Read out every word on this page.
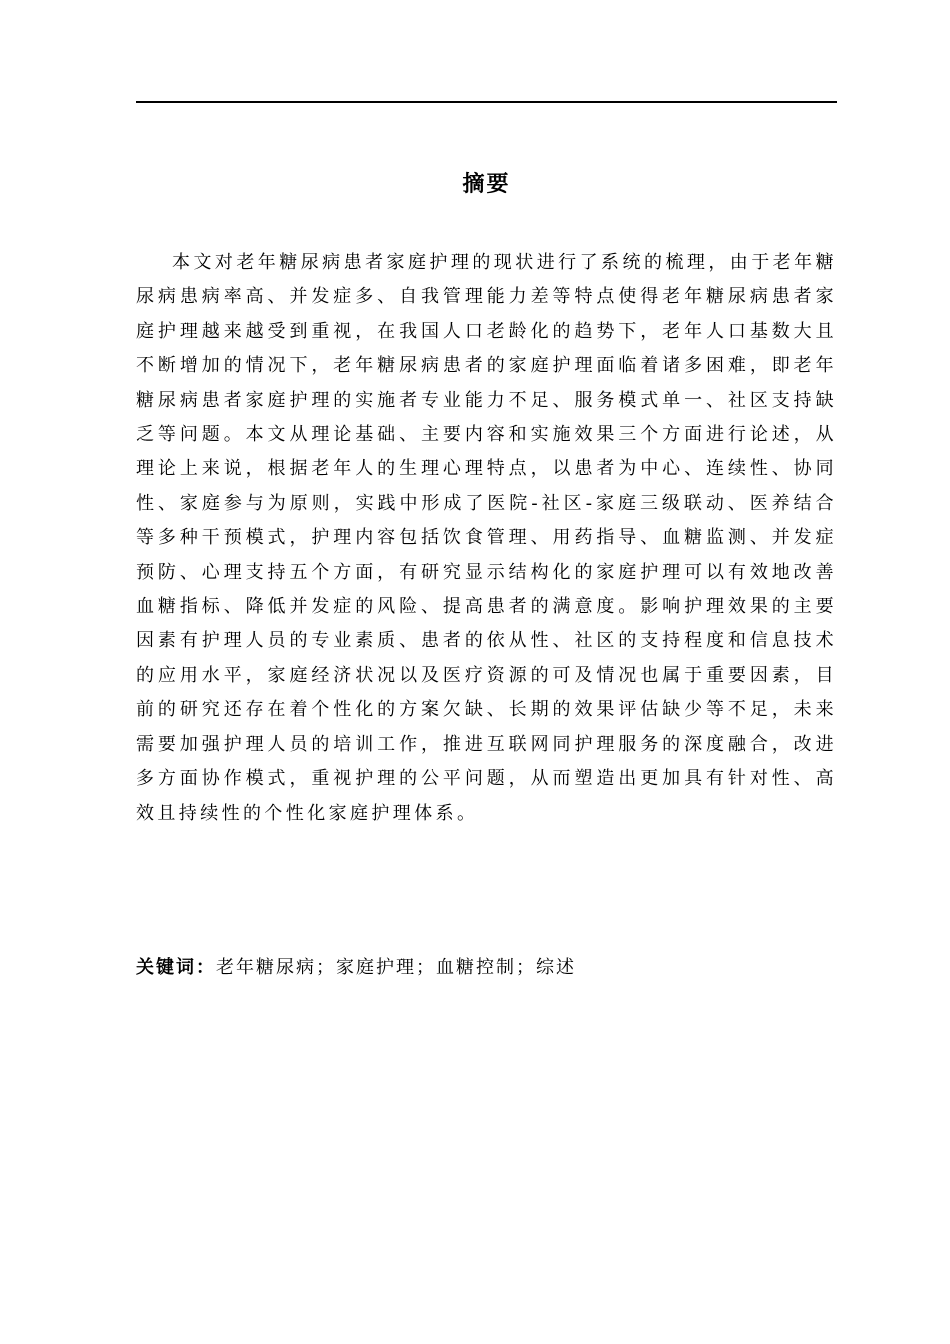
摘要

本文对老年糖尿病患者家庭护理的现状进行了系统的梳理，由于老年糖尿病患病率高、并发症多、自我管理能力差等特点使得老年糖尿病患者家庭护理越来越受到重视，在我国人口老龄化的趋势下，老年人口基数大且不断增加的情况下，老年糖尿病患者的家庭护理面临着诸多困难，即老年糖尿病患者家庭护理的实施者专业能力不足、服务模式单一、社区支持缺乏等问题。本文从理论基础、主要内容和实施效果三个方面进行论述，从理论上来说，根据老年人的生理心理特点，以患者为中心、连续性、协同性、家庭参与为原则，实践中形成了医院-社区-家庭三级联动、医养结合等多种干预模式，护理内容包括饮食管理、用药指导、血糖监测、并发症预防、心理支持五个方面，有研究显示结构化的家庭护理可以有效地改善血糖指标、降低并发症的风险、提高患者的满意度。影响护理效果的主要因素有护理人员的专业素质、患者的依从性、社区的支持程度和信息技术的应用水平，家庭经济状况以及医疗资源的可及情况也属于重要因素，目前的研究还存在着个性化的方案欠缺、长期的效果评估缺少等不足，未来需要加强护理人员的培训工作，推进互联网同护理服务的深度融合，改进多方面协作模式，重视护理的公平问题，从而塑造出更加具有针对性、高效且持续性的个性化家庭护理体系。

关键词：老年糖尿病；家庭护理；血糖控制；综述
